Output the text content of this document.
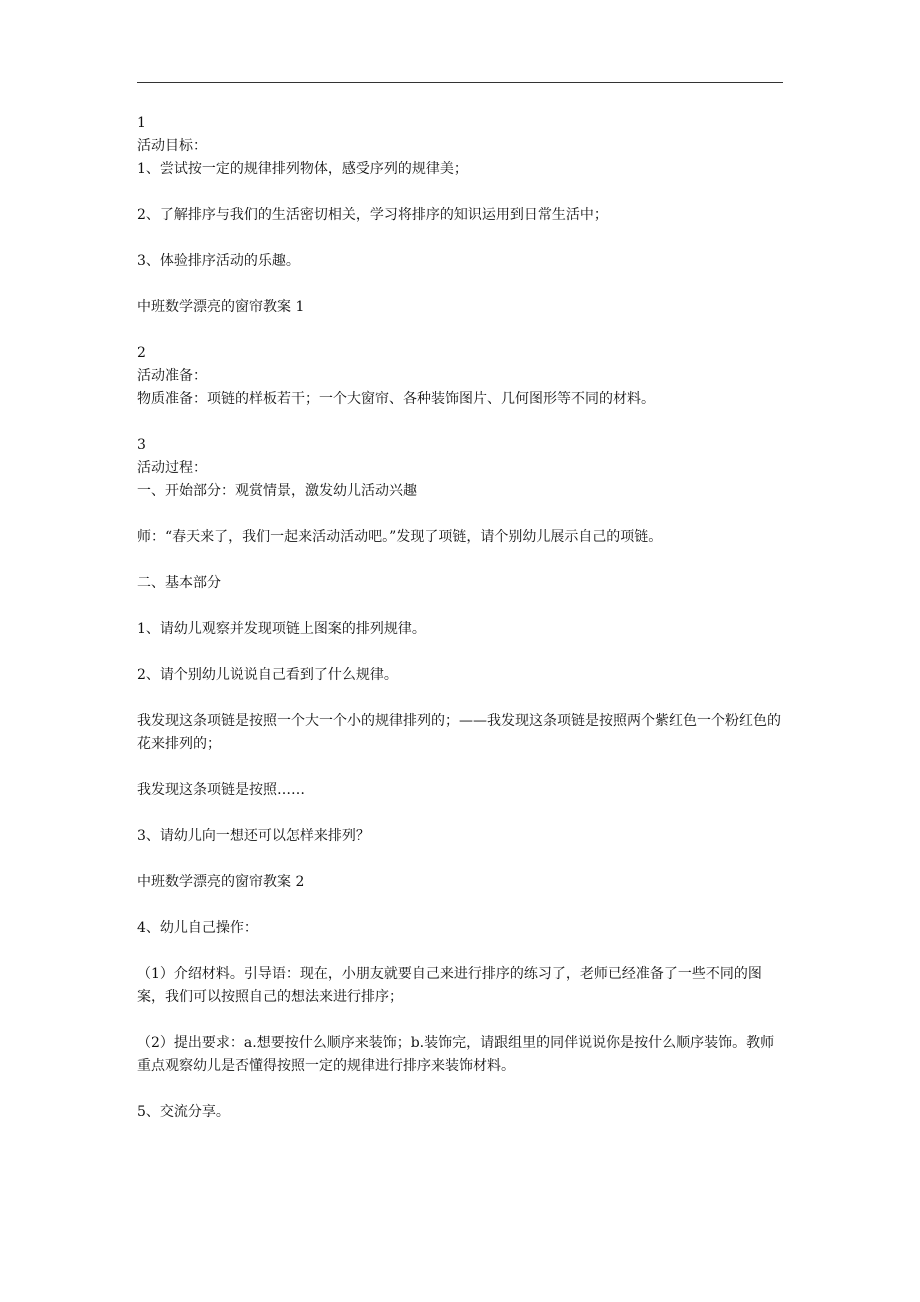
1

活动目标：

1、尝试按一定的规律排列物体，感受序列的规律美；

2、了解排序与我们的生活密切相关，学习将排序的知识运用到日常生活中；

3、体验排序活动的乐趣。

中班数学漂亮的窗帘教案 1

2

活动准备：

物质准备：项链的样板若干；一个大窗帘、各种装饰图片、几何图形等不同的材料。

3

活动过程：

一、开始部分：观赏情景，激发幼儿活动兴趣

师：“春天来了，我们一起来活动活动吧。”发现了项链，请个别幼儿展示自己的项链。

二、基本部分

1、请幼儿观察并发现项链上图案的排列规律。

2、请个别幼儿说说自己看到了什么规律。

我发现这条项链是按照一个大一个小的规律排列的；——我发现这条项链是按照两个紫红色一个粉红色的花来排列的；

我发现这条项链是按照……

3、请幼儿向一想还可以怎样来排列？

中班数学漂亮的窗帘教案 2

4、幼儿自己操作：

（1）介绍材料。引导语：现在，小朋友就要自己来进行排序的练习了，老师已经准备了一些不同的图案，我们可以按照自己的想法来进行排序；

（2）提出要求：a.想要按什么顺序来装饰；b.装饰完，请跟组里的同伴说说你是按什么顺序装饰。教师重点观察幼儿是否懂得按照一定的规律进行排序来装饰材料。

5、交流分享。
